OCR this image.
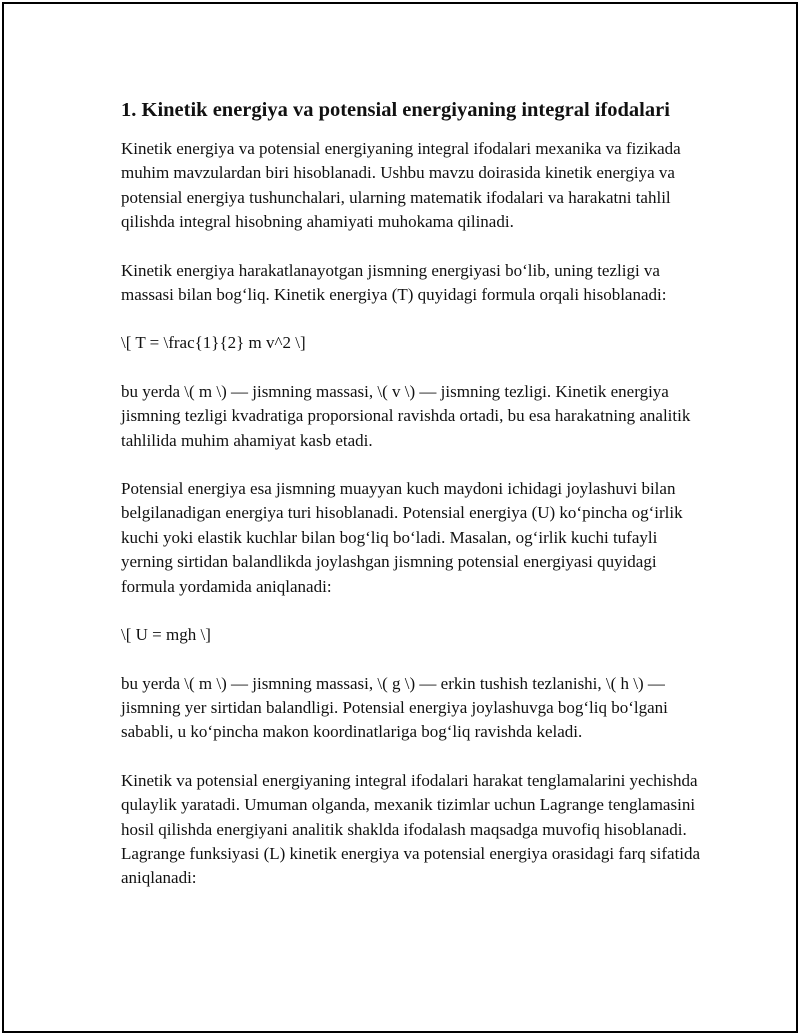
1. Kinetik energiya va potensial energiyaning integral ifodalari

Kinetik energiya va potensial energiyaning integral ifodalari mexanika va fizikada muhim mavzulardan biri hisoblanadi. Ushbu mavzu doirasida kinetik energiya va potensial energiya tushunchalari, ularning matematik ifodalari va harakatni tahlil qilishda integral hisobning ahamiyati muhokama qilinadi.

Kinetik energiya harakatlanayotgan jismning energiyasi bo‘lib, uning tezligi va massasi bilan bog‘liq. Kinetik energiya (T) quyidagi formula orqali hisoblanadi:

\[ T = \frac{1}{2} m v^2 \]

bu yerda \( m \) — jismning massasi, \( v \) — jismning tezligi. Kinetik energiya jismning tezligi kvadratiga proporsional ravishda ortadi, bu esa harakatning analitik tahlilida muhim ahamiyat kasb etadi.

Potensial energiya esa jismning muayyan kuch maydoni ichidagi joylashuvi bilan belgilanadigan energiya turi hisoblanadi. Potensial energiya (U) ko‘pincha og‘irlik kuchi yoki elastik kuchlar bilan bog‘liq bo‘ladi. Masalan, og‘irlik kuchi tufayli yerning sirtidan balandlikda joylashgan jismning potensial energiyasi quyidagi formula yordamida aniqlanadi:

\[ U = mgh \]

bu yerda \( m \) — jismning massasi, \( g \) — erkin tushish tezlanishi, \( h \) — jismning yer sirtidan balandligi. Potensial energiya joylashuvga bog‘liq bo‘lgani sababli, u ko‘pincha makon koordinatlariga bog‘liq ravishda keladi.

Kinetik va potensial energiyaning integral ifodalari harakat tenglamalarini yechishda qulaylik yaratadi. Umuman olganda, mexanik tizimlar uchun Lagrange tenglamasini hosil qilishda energiyani analitik shaklda ifodalash maqsadga muvofiq hisoblanadi. Lagrange funksiyasi (L) kinetik energiya va potensial energiya orasidagi farq sifatida aniqlanadi:
